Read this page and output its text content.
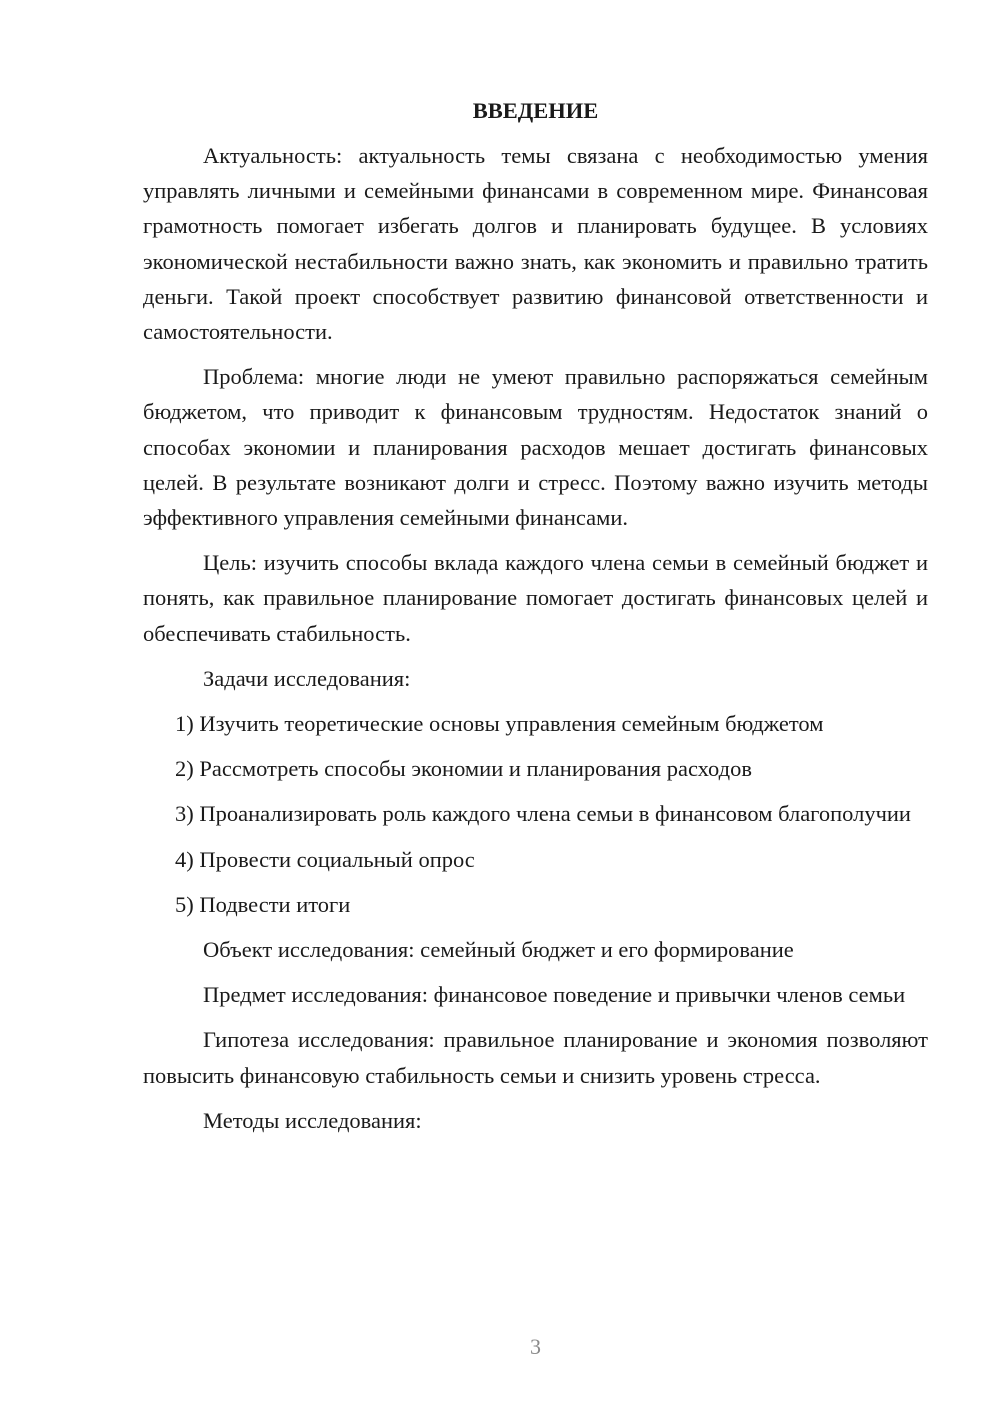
ВВЕДЕНИЕ
Актуальность: актуальность темы связана с необходимостью умения управлять личными и семейными финансами в современном мире. Финансовая грамотность помогает избегать долгов и планировать будущее. В условиях экономической нестабильности важно знать, как экономить и правильно тратить деньги. Такой проект способствует развитию финансовой ответственности и самостоятельности.
Проблема: многие люди не умеют правильно распоряжаться семейным бюджетом, что приводит к финансовым трудностям. Недостаток знаний о способах экономии и планирования расходов мешает достигать финансовых целей. В результате возникают долги и стресс. Поэтому важно изучить методы эффективного управления семейными финансами.
Цель: изучить способы вклада каждого члена семьи в семейный бюджет и понять, как правильное планирование помогает достигать финансовых целей и обеспечивать стабильность.
Задачи исследования:
1) Изучить теоретические основы управления семейным бюджетом
2) Рассмотреть способы экономии и планирования расходов
3) Проанализировать роль каждого члена семьи в финансовом благополучии
4) Провести социальный опрос
5) Подвести итоги
Объект исследования: семейный бюджет и его формирование
Предмет исследования: финансовое поведение и привычки членов семьи
Гипотеза исследования: правильное планирование и экономия позволяют повысить финансовую стабильность семьи и снизить уровень стресса.
Методы исследования:
3
